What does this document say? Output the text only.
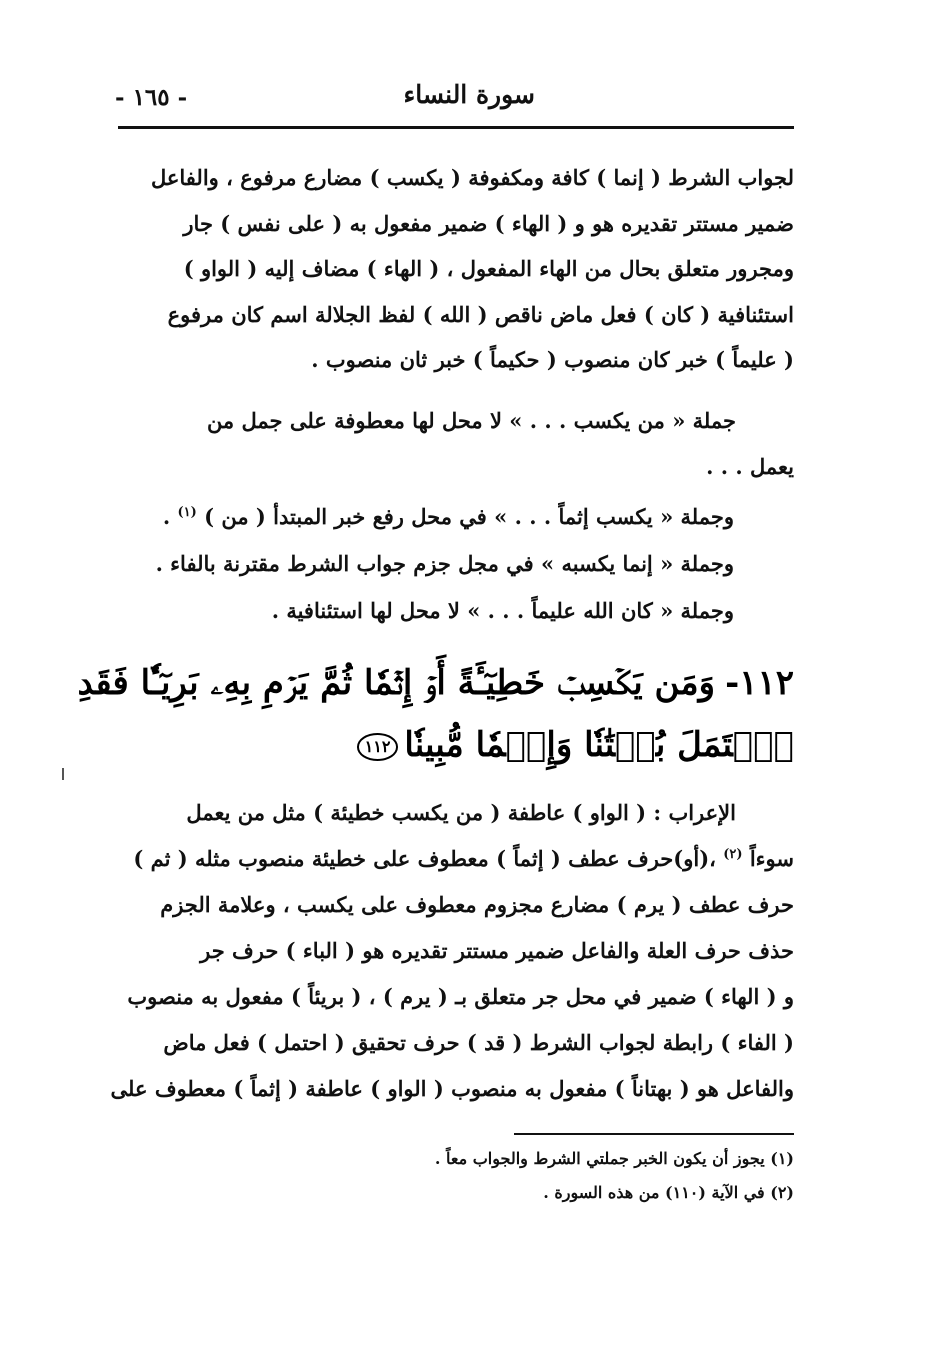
سورة النساء
- ١٦٥ -
لجواب الشرط ( إنما ) كافة ومكفوفة ( يكسب ) مضارع مرفوع ، والفاعل
ضمير مستتر تقديره هو و ( الهاء ) ضمير مفعول به ( على نفس ) جار
ومجرور متعلق بحال من الهاء المفعول ، ( الهاء ) مضاف إليه ( الواو )
استئنافية ( كان ) فعل ماض ناقص ( الله ) لفظ الجلالة اسم كان مرفوع
( عليماً ) خبر كان منصوب ( حكيماً ) خبر ثان منصوب .
جملة « من يكسب . . . » لا محل لها معطوفة على جمل من
يعمل . . .
وجملة « يكسب إثماً . . . » في محل رفع خبر المبتدأ ( من ) $^{(١)}$ .
وجملة « إنما يكسبه » في مجل جزم جواب الشرط مقترنة بالفاء .
وجملة « كان الله عليماً . . . » لا محل لها استئنافية .
١١٢-وَمَن يَكۡسِبۡ خَطِيٓـَٔةً أَوۡ إِثۡمٗا ثُمَّ يَرۡمِ بِهِۦ بَرِيٓـٔٗا فَقَدِ
ٱحۡتَمَلَ بُهۡتَٰنٗا وَإِثۡمٗا مُّبِينٗا١١٢
الإعراب : ( الواو ) عاطفة ( من يكسب خطيئة ) مثل من يعمل
سوءاً $^{(٢)}$ ،(أو)حرف عطف ( إثماً ) معطوف على خطيئة منصوب مثله ( ثم )
حرف عطف ( يرم ) مضارع مجزوم معطوف على يكسب ، وعلامة الجزم
حذف حرف العلة والفاعل ضمير مستتر تقديره هو ( الباء ) حرف جر
و ( الهاء ) ضمير في محل جر متعلق بـ ( يرم ) ، ( بريئاً ) مفعول به منصوب
( الفاء ) رابطة لجواب الشرط ( قد ) حرف تحقيق ( احتمل ) فعل ماض
والفاعل هو ( بهتاناً ) مفعول به منصوب ( الواو ) عاطفة ( إثماً ) معطوف على
(١) يجوز أن يكون الخبر جملتي الشرط والجواب معاً .
(٢) في الآية (١١٠) من هذه السورة .
